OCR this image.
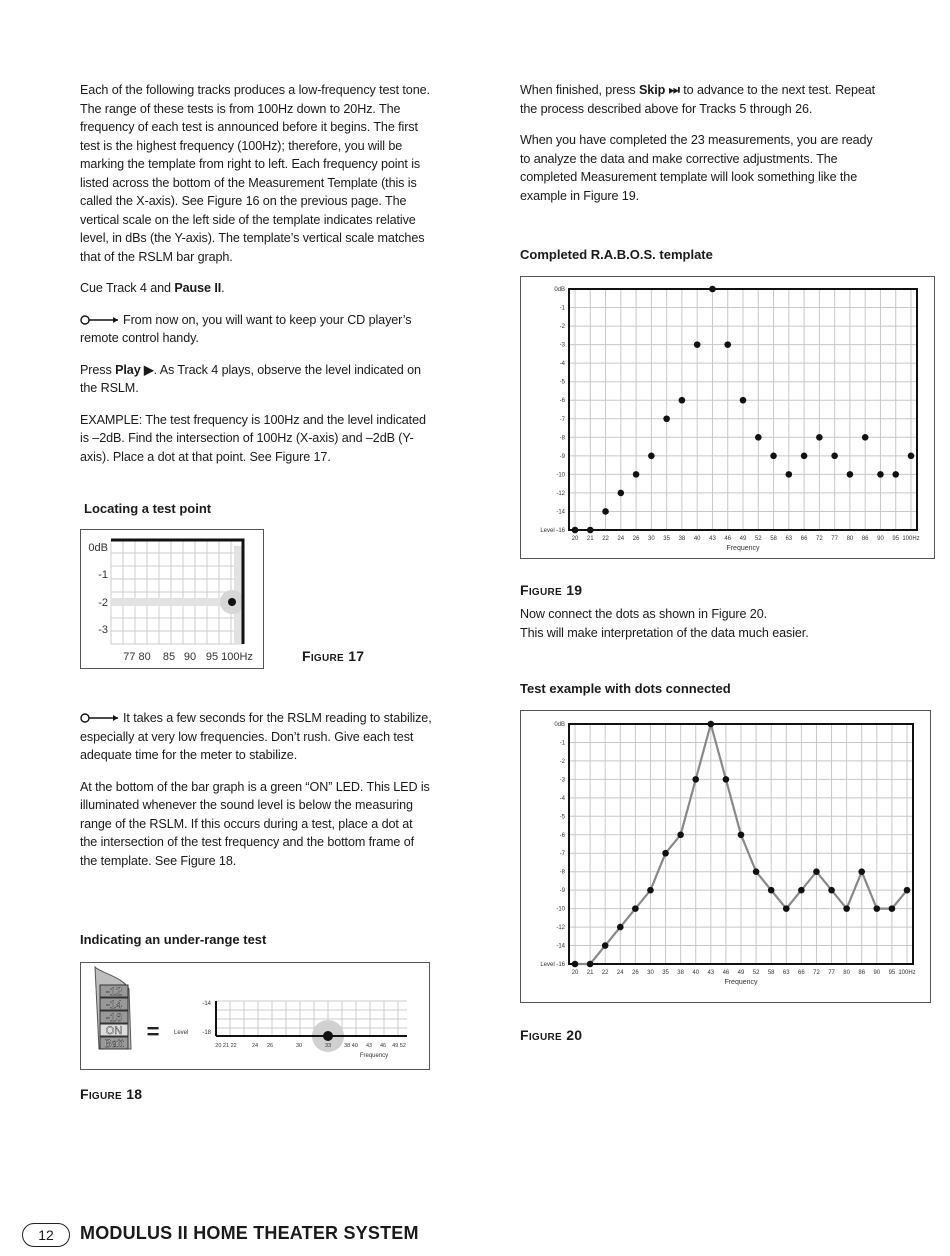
Each of the following tracks produces a low-frequency test tone. The range of these tests is from 100Hz down to 20Hz. The frequency of each test is announced before it begins. The first test is the highest frequency (100Hz); therefore, you will be marking the template from right to left. Each frequency point is listed across the bottom of the Measurement Template (this is called the X-axis). See Figure 16 on the previous page. The vertical scale on the left side of the template indicates relative level, in dBs (the Y-axis). The template’s vertical scale matches that of the RSLM bar graph.

Cue Track 4 and Pause II.

From now on, you will want to keep your CD player’s remote control handy.

Press Play ▶. As Track 4 plays, observe the level indicated on the RSLM.

EXAMPLE: The test frequency is 100Hz and the level indicated is –2dB. Find the intersection of 100Hz (X-axis) and –2dB (Y-axis). Place a dot at that point. See Figure 17.

Locating a test point
0dB
-1
-2
-3
77 80 85 90 95 100Hz	Figure 17

It takes a few seconds for the RSLM reading to stabilize, especially at very low frequencies. Don’t rush. Give each test adequate time for the meter to stabilize.

At the bottom of the bar graph is a green “ON” LED. This LED is illuminated whenever the sound level is below the measuring range of the RSLM. If this occurs during a test, place a dot at the intersection of the test frequency and the bottom frame of the template. See Figure 18.

Indicating an under-range test
-12
-14
-16
ON
Batt = Level
-14
-18
20 21 22	24 26	30	33 38 40 43 46 49 52
Frequency
Figure 18

When finished, press Skip ⏭ to advance to the next test. Repeat the process described above for Tracks 5 through 26.

When you have completed the 23 measurements, you are ready to analyze the data and make corrective adjustments. The completed Measurement template will look something like the example in Figure 19.

Completed R.A.B.O.S. template
20 21 22 24 26 30 35 38 40 43 46 49 52 58 63 66 72 77 80 86 90 95 100Hz
0dB
-1
-2
-3
-4
-5
-6
-7
-8
-9
-10
-12
-14
Level -16
Frequency
Figure 19
Now connect the dots as shown in Figure 20.
This will make interpretation of the data much easier.
Test example with dots connected
20 21 22 24 26 30 35 38 40 43 46 49 52 58 63 66 72 77 80 86 90 95 100Hz
0dB
-1
-2
-3
-4
-5
-6
-7
-8
-9
-10
-12
-14
Level -16
Frequency
Figure 20
12	MODULUS II HOME THEATER SYSTEM
